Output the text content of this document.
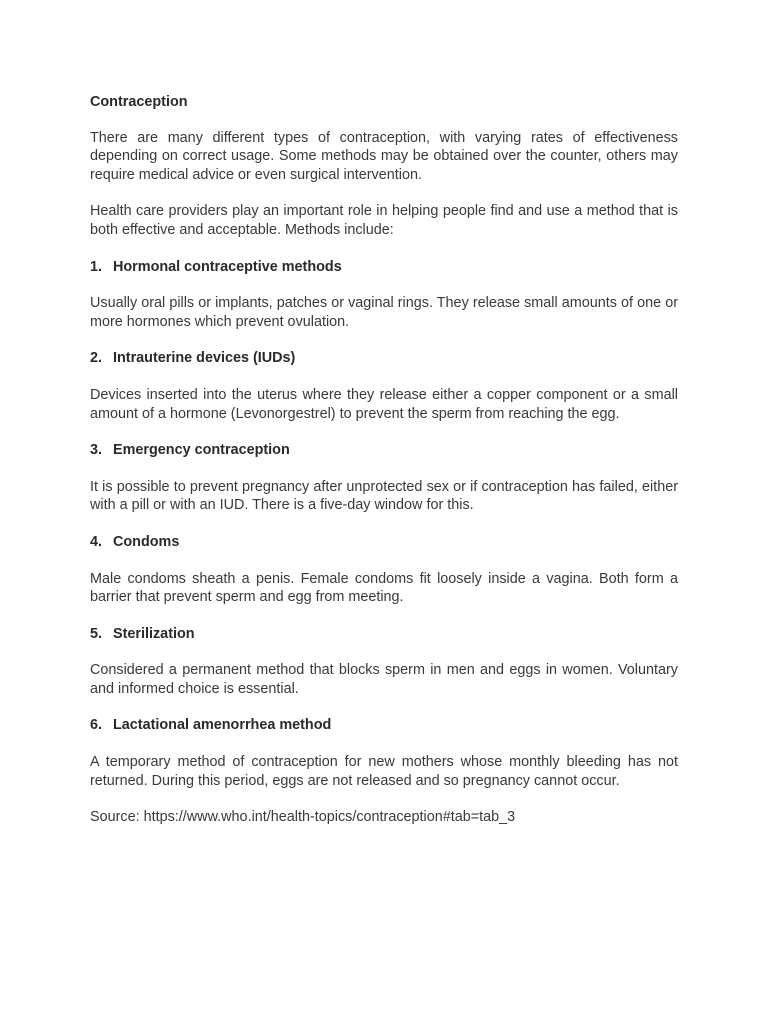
Contraception

There are many different types of contraception, with varying rates of effectiveness depending on correct usage. Some methods may be obtained over the counter, others may require medical advice or even surgical intervention.

Health care providers play an important role in helping people find and use a method that is both effective and acceptable. Methods include:

1. Hormonal contraceptive methods

Usually oral pills or implants, patches or vaginal rings. They release small amounts of one or more hormones which prevent ovulation.

2. Intrauterine devices (IUDs)

Devices inserted into the uterus where they release either a copper component or a small amount of a hormone (Levonorgestrel) to prevent the sperm from reaching the egg.

3. Emergency contraception

It is possible to prevent pregnancy after unprotected sex or if contraception has failed, either with a pill or with an IUD. There is a five-day window for this.

4. Condoms

Male condoms sheath a penis. Female condoms fit loosely inside a vagina. Both form a barrier that prevent sperm and egg from meeting.

5. Sterilization

Considered a permanent method that blocks sperm in men and eggs in women. Voluntary and informed choice is essential.

6. Lactational amenorrhea method

A temporary method of contraception for new mothers whose monthly bleeding has not returned. During this period, eggs are not released and so pregnancy cannot occur.

Source: https://www.who.int/health-topics/contraception#tab=tab_3
